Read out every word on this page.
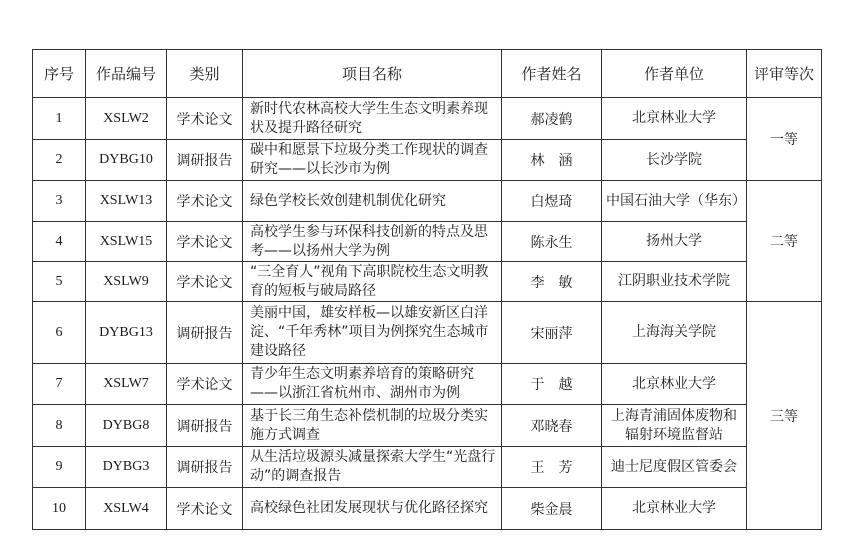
序号	作品编号	类别	项目名称	作者姓名	作者单位	评审等次
1	XSLW2	学术论文	新时代农林高校大学生生态文明素养现状及提升路径研究	郝凌鹤	北京林业大学	一等
2	DYBG10	调研报告	碳中和愿景下垃圾分类工作现状的调查研究——以长沙市为例	林　涵	长沙学院	
3	XSLW13	学术论文	绿色学校长效创建机制优化研究	白煜琦	中国石油大学（华东）	二等
4	XSLW15	学术论文	高校学生参与环保科技创新的特点及思考——以扬州大学为例	陈永生	扬州大学	
5	XSLW9	学术论文	“三全育人”视角下高职院校生态文明教育的短板与破局路径	李　敏	江阴职业技术学院	
6	DYBG13	调研报告	美丽中国，雄安样板—以雄安新区白洋淀、“千年秀林”项目为例探究生态城市建设路径	宋丽萍	上海海关学院	三等
7	XSLW7	学术论文	青少年生态文明素养培育的策略研究——以浙江省杭州市、湖州市为例	于　越	北京林业大学	
8	DYBG8	调研报告	基于长三角生态补偿机制的垃圾分类实施方式调查	邓晓春	上海青浦固体废物和辐射环境监督站	
9	DYBG3	调研报告	从生活垃圾源头减量探索大学生“光盘行动”的调查报告	王　芳	迪士尼度假区管委会	
10	XSLW4	学术论文	高校绿色社团发展现状与优化路径探究	柴金晨	北京林业大学	
